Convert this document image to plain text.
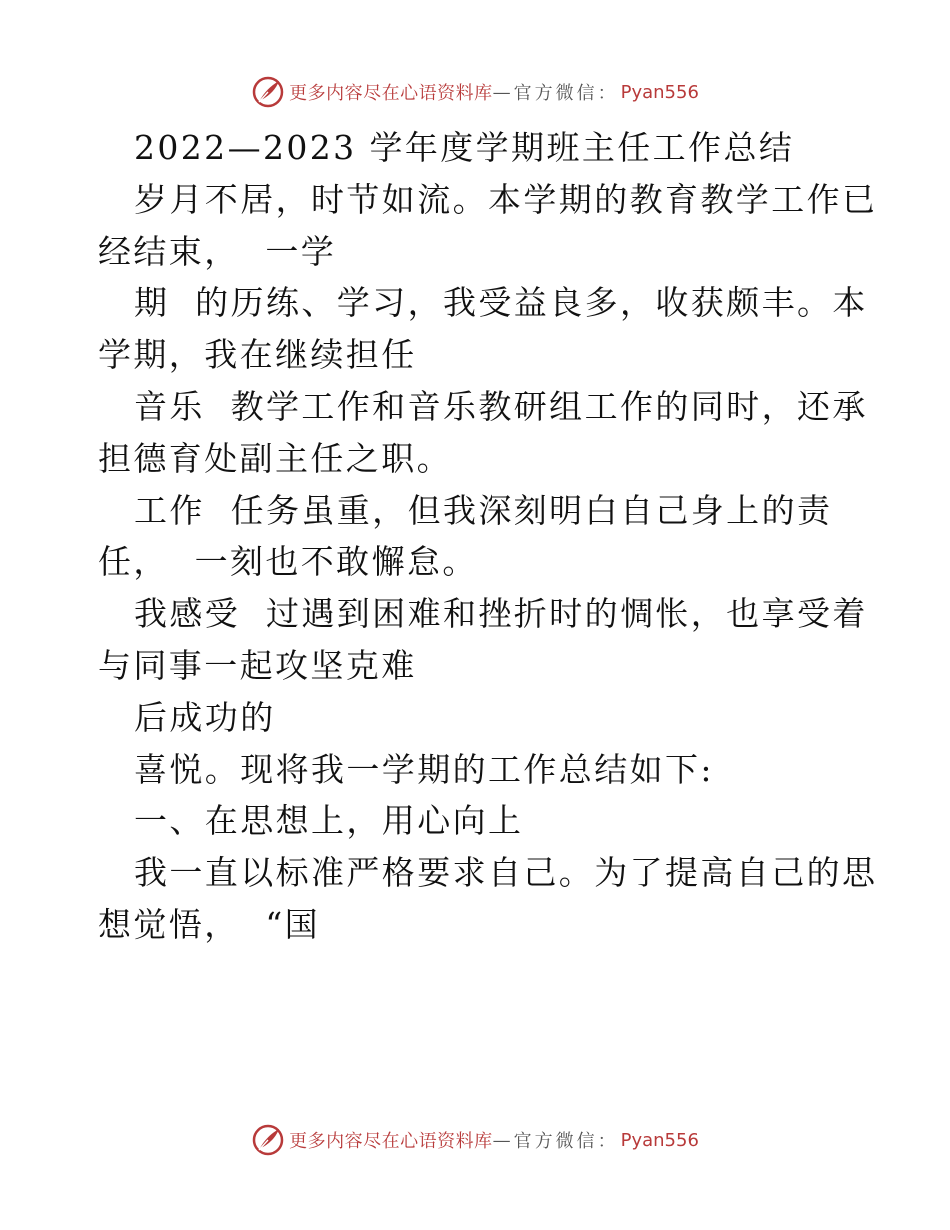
更多内容尽在心语资料库 — 官方微信： Pyan556
2022—2023 学年度学期班主任工作总结
岁月不居，时节如流。本学期的教育教学工作已
经结束，  一学
期  的历练、学习，我受益良多，收获颇丰。本
学期，我在继续担任
音乐  教学工作和音乐教研组工作的同时，还承
担德育处副主任之职。
工作  任务虽重，但我深刻明白自己身上的责
任，  一刻也不敢懈怠。
我感受  过遇到困难和挫折时的惆怅，也享受着
与同事一起攻坚克难
后成功的
喜悦。现将我一学期的工作总结如下:
一、在思想上，用心向上
我一直以标准严格要求自己。为了提高自己的思
想觉悟，  “国
更多内容尽在心语资料库 — 官方微信： Pyan556
